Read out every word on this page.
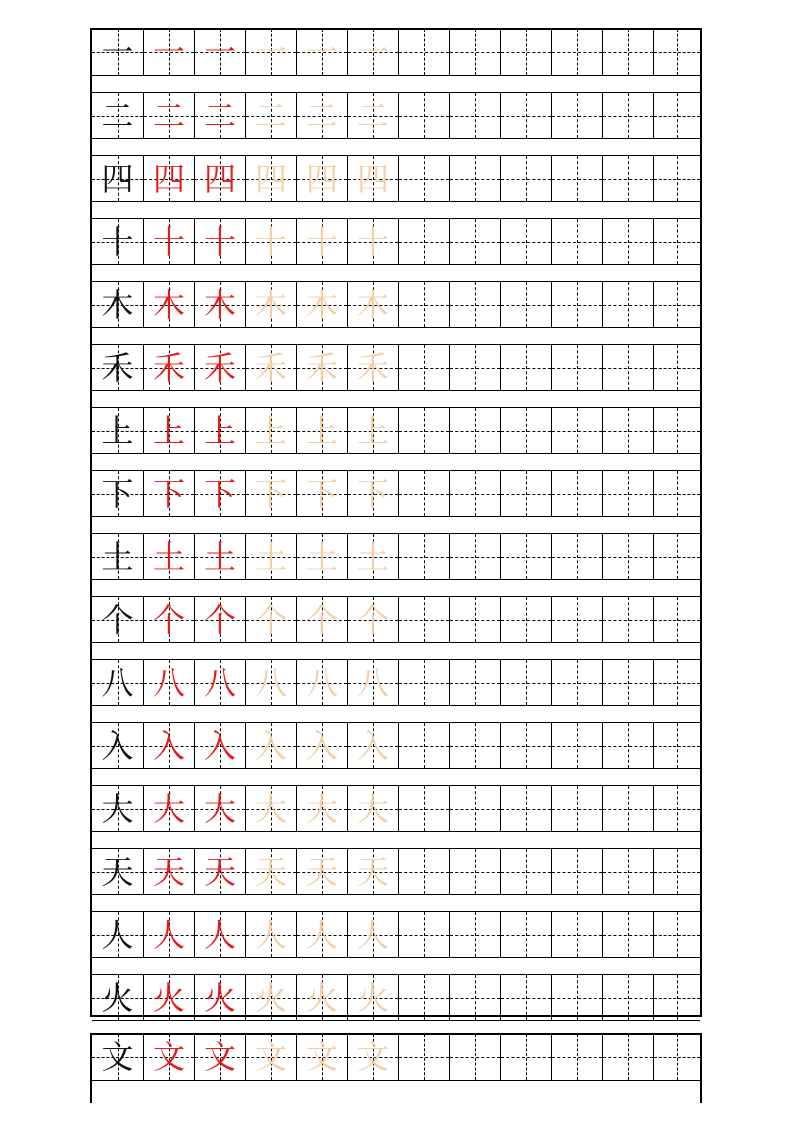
一 一 一 一 一 一
二 二 二 二 二 二
四 四 四 四 四 四
十 十 十 十 十 十
木 木 木 木 木 木
禾 禾 禾 禾 禾 禾
上 上 上 上 上 上
下 下 下 下 下 下
土 土 土 土 土 土
个 个 个 个 个 个
八 八 八 八 八 八
入 入 入 入 入 入
大 大 大 大 大 大
天 天 天 天 天 天
人 人 人 人 人 人
火 火 火 火 火 火
文 文 文 文 文 文
